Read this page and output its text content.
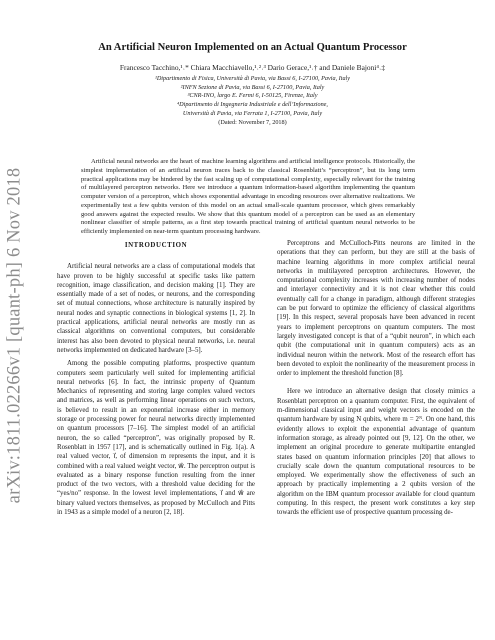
arXiv:1811.02266v1 [quant-ph] 6 Nov 2018
An Artificial Neuron Implemented on an Actual Quantum Processor

Francesco Tacchino,¹˒* Chiara Macchiavello,¹˒²˒³ Dario Gerace,¹˒† and Daniele Bajoni⁴˒‡

¹Dipartimento di Fisica, Università di Pavia, via Bassi 6, I-27100, Pavia, Italy
²INFN Sezione di Pavia, via Bassi 6, I-27100, Pavia, Italy
³CNR-INO, largo E. Fermi 6, I-50125, Firenze, Italy
⁴Dipartimento di Ingegneria Industriale e dell’Informazione,
Università di Pavia, via Ferrata 1, I-27100, Pavia, Italy
(Dated: November 7, 2018)

Artificial neural networks are the heart of machine learning algorithms and artificial intelligence protocols. Historically, the simplest implementation of an artificial neuron traces back to the classical Rosenblatt’s “perceptron”, but its long term practical applications may be hindered by the fast scaling up of computational complexity, especially relevant for the training of multilayered perceptron networks. Here we introduce a quantum information-based algorithm implementing the quantum computer version of a perceptron, which shows exponential advantage in encoding resources over alternative realizations. We experimentally test a few qubits version of this model on an actual small-scale quantum processor, which gives remarkably good answers against the expected results. We show that this quantum model of a perceptron can be used as an elementary nonlinear classifier of simple patterns, as a first step towards practical training of artificial quantum neural networks to be efficiently implemented on near-term quantum processing hardware.

INTRODUCTION

Artificial neural networks are a class of computational models that have proven to be highly successful at specific tasks like pattern recognition, image classification, and decision making [1]. They are essentially made of a set of nodes, or neurons, and the corresponding set of mutual connections, whose architecture is naturally inspired by neural nodes and synaptic connections in biological systems [1, 2]. In practical applications, artificial neural networks are mostly run as classical algorithms on conventional computers, but considerable interest has also been devoted to physical neural networks, i.e. neural networks implemented on dedicated hardware [3–5].

Among the possible computing platforms, prospective quantum computers seem particularly well suited for implementing artificial neural networks [6]. In fact, the intrinsic property of Quantum Mechanics of representing and storing large complex valued vectors and matrices, as well as performing linear operations on such vectors, is believed to result in an exponential increase either in memory storage or processing power for neural networks directly implemented on quantum processors [7–16]. The simplest model of an artificial neuron, the so called “perceptron”, was originally proposed by R. Rosenblatt in 1957 [17], and is schematically outlined in Fig. 1(a). A real valued vector, i⃗, of dimension m represents the input, and it is combined with a real valued weight vector, w⃗. The perceptron output is evaluated as a binary response function resulting from the inner product of the two vectors, with a threshold value deciding for the “yes/no” response. In the lowest level implementations, i⃗ and w⃗ are binary valued vectors themselves, as proposed by McCulloch and Pitts in 1943 as a simple model of a neuron [2, 18].

Perceptrons and McCulloch-Pitts neurons are limited in the operations that they can perform, but they are still at the basis of machine learning algorithms in more complex artificial neural networks in multilayered perceptron architectures. However, the computational complexity increases with increasing number of nodes and interlayer connectivity and it is not clear whether this could eventually call for a change in paradigm, although different strategies can be put forward to optimize the efficiency of classical algorithms [19]. In this respect, several proposals have been advanced in recent years to implement perceptrons on quantum computers. The most largely investigated concept is that of a “qubit neuron”, in which each qubit (the computational unit in quantum computers) acts as an individual neuron within the network. Most of the research effort has been devoted to exploit the nonlinearity of the measurement process in order to implement the threshold function [8].

Here we introduce an alternative design that closely mimics a Rosenblatt perceptron on a quantum computer. First, the equivalent of m-dimensional classical input and weight vectors is encoded on the quantum hardware by using N qubits, where m = 2ᴺ. On one hand, this evidently allows to exploit the exponential advantage of quantum information storage, as already pointed out [9, 12]. On the other, we implement an original procedure to generate multipartite entangled states based on quantum information principles [20] that allows to crucially scale down the quantum computational resources to be employed. We experimentally show the effectiveness of such an approach by practically implementing a 2 qubits version of the algorithm on the IBM quantum processor available for cloud quantum computing. In this respect, the present work constitutes a key step towards the efficient use of prospective quantum processing de-
